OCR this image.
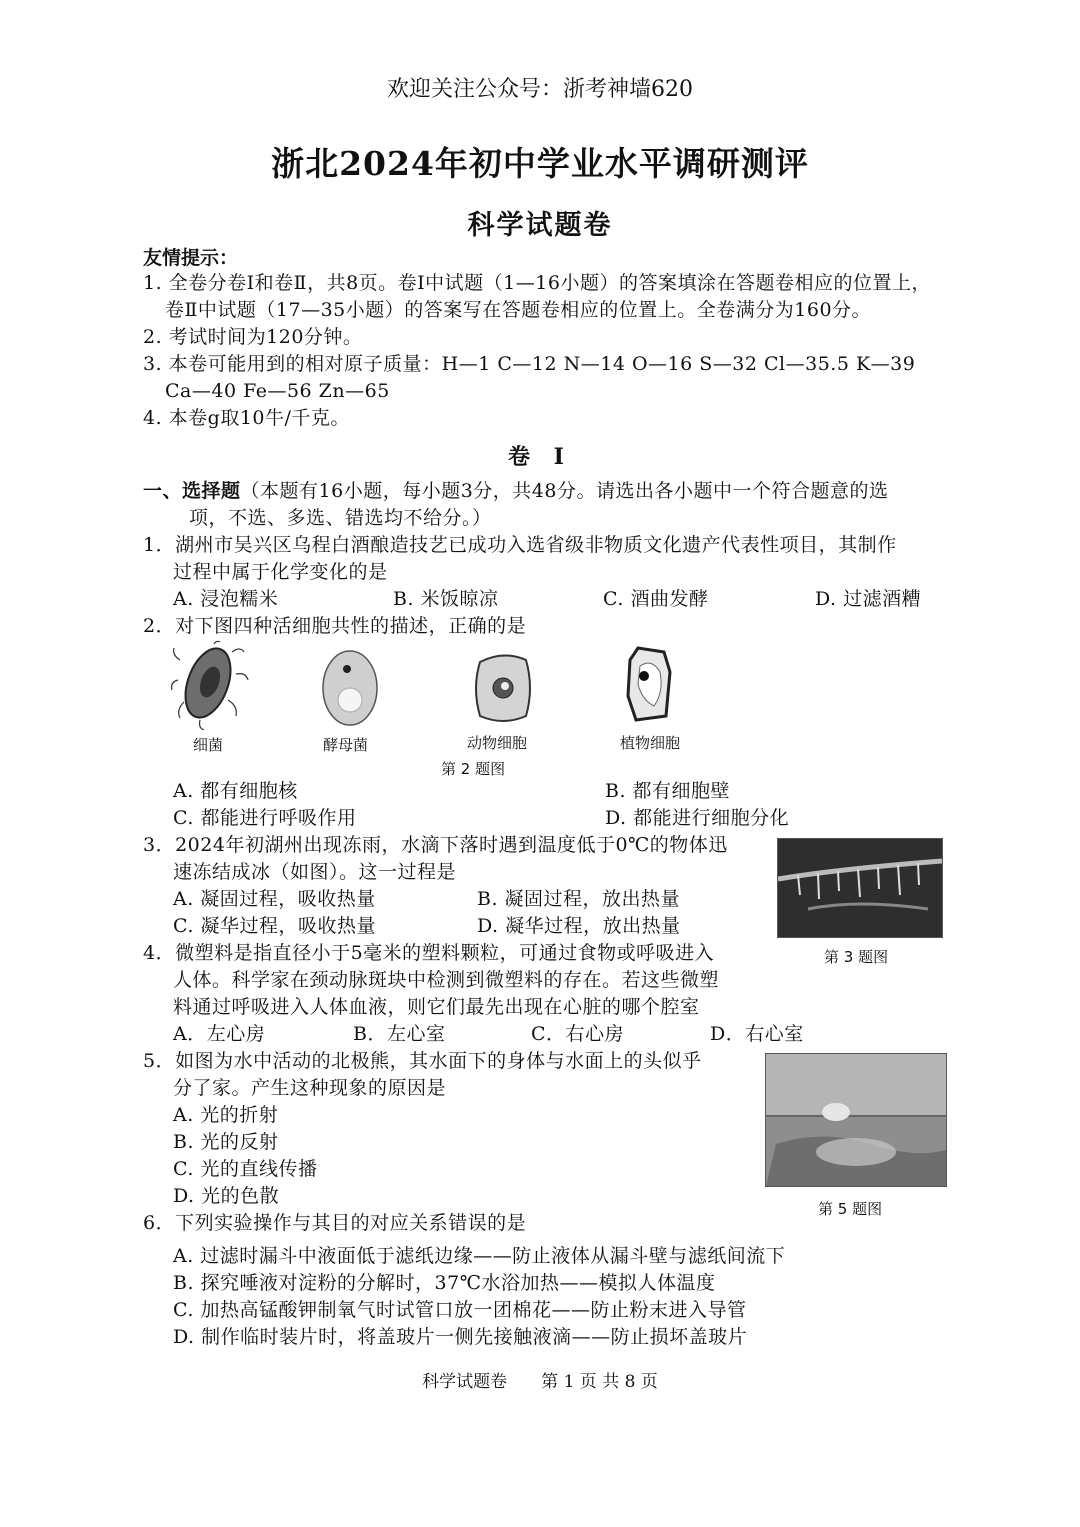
欢迎关注公众号：浙考神墙620
浙北2024年初中学业水平调研测评
科学试题卷
友情提示：
1. 全卷分卷Ⅰ和卷Ⅱ，共8页。卷Ⅰ中试题（1—16小题）的答案填涂在答题卷相应的位置上，
卷Ⅱ中试题（17—35小题）的答案写在答题卷相应的位置上。全卷满分为160分。
2. 考试时间为120分钟。
3. 本卷可能用到的相对原子质量：H—1 C—12 N—14 O—16 S—32 Cl—35.5 K—39
Ca—40 Fe—56 Zn—65
4. 本卷g取10牛/千克。
卷 Ⅰ
一、选择题（本题有16小题，每小题3分，共48分。请选出各小题中一个符合题意的选
项，不选、多选、错选均不给分。）
1．湖州市吴兴区乌程白酒酿造技艺已成功入选省级非物质文化遗产代表性项目，其制作
过程中属于化学变化的是
A. 浸泡糯米	B. 米饭晾凉	C. 酒曲发酵	D. 过滤酒糟
2．对下图四种活细胞共性的描述，正确的是
细菌	酵母菌	动物细胞	植物细胞
第 2 题图
A. 都有细胞核	B. 都有细胞壁
C. 都能进行呼吸作用	D. 都能进行细胞分化
3．2024年初湖州出现冻雨，水滴下落时遇到温度低于0℃的物体迅
速冻结成冰（如图）。这一过程是
A. 凝固过程，吸收热量	B. 凝固过程，放出热量
C. 凝华过程，吸收热量	D. 凝华过程，放出热量
第 3 题图
4．微塑料是指直径小于5毫米的塑料颗粒，可通过食物或呼吸进入
人体。科学家在颈动脉斑块中检测到微塑料的存在。若这些微塑
料通过呼吸进入人体血液，则它们最先出现在心脏的哪个腔室
A．左心房	B．左心室	C．右心房	D．右心室
5．如图为水中活动的北极熊，其水面下的身体与水面上的头似乎
分了家。产生这种现象的原因是
A. 光的折射
B. 光的反射
C. 光的直线传播
D. 光的色散
第 5 题图
6．下列实验操作与其目的对应关系错误的是
A. 过滤时漏斗中液面低于滤纸边缘——防止液体从漏斗壁与滤纸间流下
B. 探究唾液对淀粉的分解时，37℃水浴加热——模拟人体温度
C. 加热高锰酸钾制氧气时试管口放一团棉花——防止粉末进入导管
D. 制作临时装片时，将盖玻片一侧先接触液滴——防止损坏盖玻片
科学试题卷　　第 1 页 共 8 页
